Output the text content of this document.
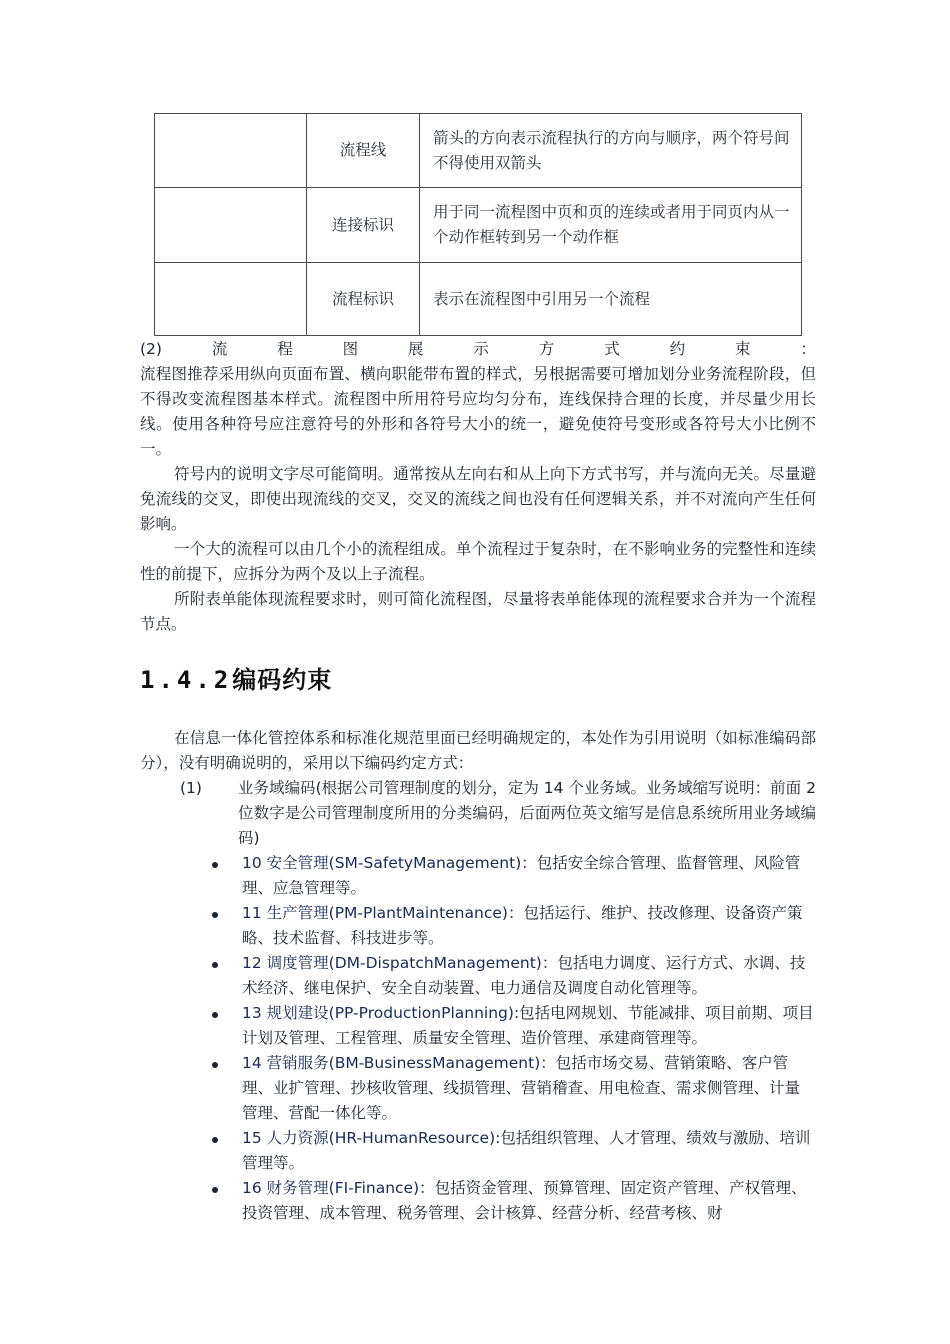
	流程线	箭头的方向表示流程执行的方向与顺序，两个符号间不得使用双箭头
	连接标识	用于同一流程图中页和页的连续或者用于同页内从一个动作框转到另一个动作框
	流程标识	表示在流程图中引用另一个流程
(2)	流	程	图	展	示	方	式	约	束	：

流程图推荐采用纵向页面布置、横向职能带布置的样式，另根据需要可增加划分业务流程阶段，但不得改变流程图基本样式。流程图中所用符号应均匀分布，连线保持合理的长度，并尽量少用长线。使用各种符号应注意符号的外形和各符号大小的统一，避免使符号变形或各符号大小比例不一。

符号内的说明文字尽可能简明。通常按从左向右和从上向下方式书写，并与流向无关。尽量避免流线的交叉，即使出现流线的交叉，交叉的流线之间也没有任何逻辑关系，并不对流向产生任何影响。

一个大的流程可以由几个小的流程组成。单个流程过于复杂时，在不影响业务的完整性和连续性的前提下，应拆分为两个及以上子流程。

所附表单能体现流程要求时，则可简化流程图，尽量将表单能体现的流程要求合并为一个流程节点。

1.4.2编码约束

在信息一体化管控体系和标准化规范里面已经明确规定的，本处作为引用说明（如标准编码部分），没有明确说明的，采用以下编码约定方式：

(1) 业务域编码(根据公司管理制度的划分，定为 14 个业务域。业务域缩写说明：前面 2 位数字是公司管理制度所用的分类编码，后面两位英文缩写是信息系统所用业务域编码)

10 安全管理(SM-SafetyManagement)：包括安全综合管理、监督管理、风险管理、应急管理等。
11 生产管理(PM-PlantMaintenance)：包括运行、维护、技改修理、设备资产策略、技术监督、科技进步等。
12 调度管理(DM-DispatchManagement)：包括电力调度、运行方式、水调、技术经济、继电保护、安全自动装置、电力通信及调度自动化管理等。
13 规划建设(PP-ProductionPlanning):包括电网规划、节能减排、项目前期、项目计划及管理、工程管理、质量安全管理、造价管理、承建商管理等。
14 营销服务(BM-BusinessManagement)：包括市场交易、营销策略、客户管理、业扩管理、抄核收管理、线损管理、营销稽查、用电检查、需求侧管理、计量管理、营配一体化等。
15 人力资源(HR-HumanResource):包括组织管理、人才管理、绩效与激励、培训管理等。
16 财务管理(FI-Finance)：包括资金管理、预算管理、固定资产管理、产权管理、投资管理、成本管理、税务管理、会计核算、经营分析、经营考核、财
